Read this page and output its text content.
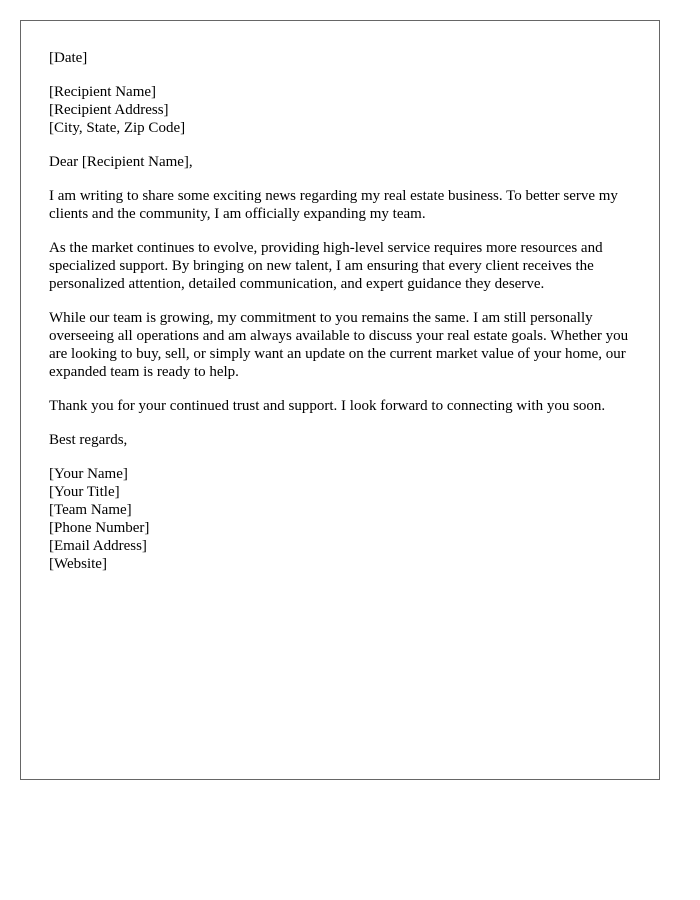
[Date]
[Recipient Name]
[Recipient Address]
[City, State, Zip Code]
Dear [Recipient Name],

I am writing to share some exciting news regarding my real estate business. To better serve my clients and the community, I am officially expanding my team.

As the market continues to evolve, providing high-level service requires more resources and specialized support. By bringing on new talent, I am ensuring that every client receives the personalized attention, detailed communication, and expert guidance they deserve.

While our team is growing, my commitment to you remains the same. I am still personally overseeing all operations and am always available to discuss your real estate goals. Whether you are looking to buy, sell, or simply want an update on the current market value of your home, our expanded team is ready to help.

Thank you for your continued trust and support. I look forward to connecting with you soon.

Best regards,
[Your Name]
[Your Title]
[Team Name]
[Phone Number]
[Email Address]
[Website]
